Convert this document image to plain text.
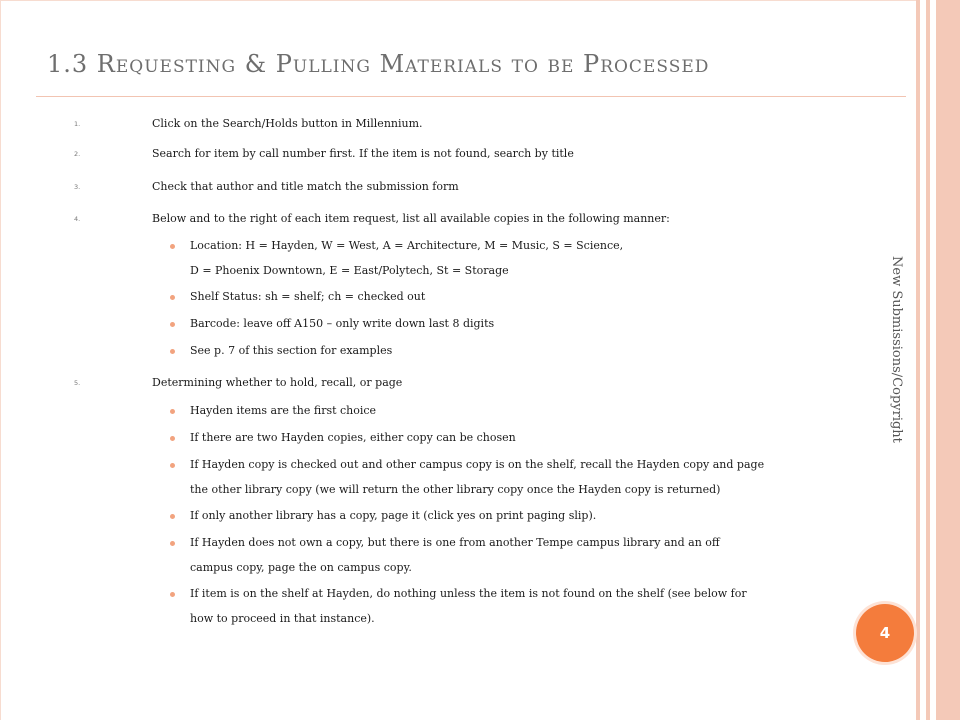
1.3 Requesting & Pulling Materials to be Processed
New Submissions/Copyright
4
1.	Click on the Search/Holds button in Millennium.
2.	Search for item by call number first. If the item is not found, search by title
3.	Check that author and title match the submission form
4.	Below and to the right of each item request, list all available copies in the following manner:
Location: H = Hayden, W = West, A = Architecture, M = Music, S = Science,
D = Phoenix Downtown, E = East/Polytech, St = Storage
Shelf Status: sh = shelf; ch = checked out
Barcode: leave off A150 – only write down last 8 digits
See p. 7 of this section for examples
5.	Determining whether to hold, recall, or page
Hayden items are the first choice
If there are two Hayden copies, either copy can be chosen
If Hayden copy is checked out and other campus copy is on the shelf, recall the Hayden copy and page
the other library copy (we will return the other library copy once the Hayden copy is returned)
If only another library has a copy, page it (click yes on print paging slip).
If Hayden does not own a copy, but there is one from another Tempe campus library and an off
campus copy, page the on campus copy.
If item is on the shelf at Hayden, do nothing unless the item is not found on the shelf (see below for
how to proceed in that instance).
